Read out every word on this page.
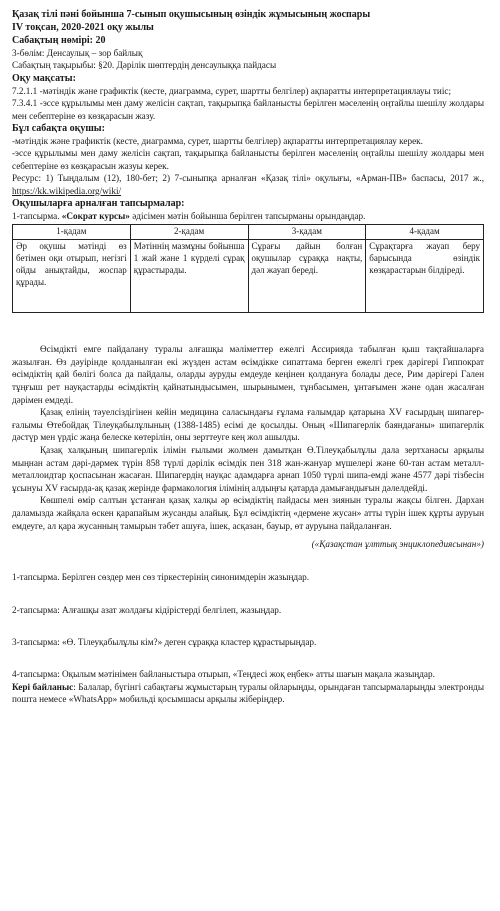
Қазақ тілі пәні бойынша 7-сынып оқушысының өзіндік жұмысының жоспары

IV тоқсан, 2020-2021 оқу жылы

Сабақтың нөмірі: 20

3-бөлім: Денсаулық – зор байлық

Сабақтың тақырыбы: §20. Дәрілік шөптердің денсаулыққа пайдасы

Оқу мақсаты:

7.2.1.1 -мәтіндік және графиктік (кесте, диаграмма, сурет, шартты белгілер) ақпаратты интерпретациялауы тиіс;

7.3.4.1 -эссе құрылымы мен даму желісін сақтап, тақырыпқа байланысты берілген мәселенің оңтайлы шешілу жолдары мен себептеріне өз көзқарасын жазу.

Бұл сабақта оқушы:

-мәтіндік және графиктік (кесте, диаграмма, сурет, шартты белгілер) ақпаратты интерпретациялау керек.

-эссе құрылымы мен даму желісін сақтап, тақырыпқа байланысты берілген мәселенің оңтайлы шешілу жолдары мен себептеріне өз көзқарасын жазуы керек.

Ресурс: 1) Тыңдалым (12), 180-бет; 2) 7-сыныпқа арналған «Қазақ тілі» оқулығы, «Арман-ПВ» баспасы, 2017 ж., https://kk.wikipedia.org/wiki/

Оқушыларға арналған тапсырмалар:

1-тапсырма. «Сократ курсы» әдісімен мәтін бойынша берілген тапсырманы орындаңдар.

1-қадам	2-қадам	3-қадам	4-қадам
Әр оқушы мәтінді өз бетімен оқи отырып, негізгі ойды анықтайды, жоспар құрады.	Мәтіннің мазмұны бойынша 1 жай және 1 күрделі сұрақ құрастырады.	Сұрағы дайын болған оқушылар сұраққа нақты, дәл жауап береді.	Сұрақтарға жауап беру барысында өзіндік көзқарастарын білдіреді.

Өсімдікті емге пайдалану туралы алғашқы мәліметтер ежелгі Ассирияда табылған қыш тақтайшаларға жазылған. Өз дәуірінде қолданылған екі жүзден астам өсімдікке сипаттама берген ежелгі грек дәрігері Гиппократ өсімдіктің қай бөлігі болса да пайдалы, оларды ауруды емдеуде кеңінен қолдануға болады десе, Рим дәрігері Гален тұңғыш рет науқастарды өсімдіктің қайнатындысымен, шырынымен, тұнбасымен, ұнтағымен және одан жасалған дәрімен емдеді.

Қазақ елінің тәуелсіздігінен кейін медицина саласындағы ғұлама ғалымдар қатарына XV ғасырдың шипагер-ғалымы Өтебойдақ Тілеуқабылұлының (1388-1485) есімі де қосылды. Оның «Шипагерлік баяндағаны» шипагерлік дәстүр мен үрдіс жаңа белеске көтерілін, оны зерттеуге кең жол ашылды.

Қазақ халқының шипагерлік ілімін ғылыми жолмен дамытқан Ө.Тілеуқабылұлы дала зертханасы арқылы мыңнан астам дәрі-дәрмек түрін 858 түрлі дәрілік өсімдік пен 318 жан-жануар мүшелері және 60-тан астам металл-металлоидтар қоспасынан жасаған. Шипагердің науқас адамдарға арнап 1050 түрлі шипа-емді және 4577 дәрі тізбесін ұсынуы XV ғасырда-ақ қазақ жерінде фармакология ілімінің алдыңғы қатарда дамығандығын дәлелдейді.

Көшпелі өмір салтын ұстанған қазақ халқы әр өсімдіктің пайдасы мен зиянын туралы жақсы білген. Дархан даламызда жайқала өскен қарапайым жусанды алайық. Бұл өсімдіктің «дермене жусан» атты түрін ішек құрты ауруын емдеуге, ал қара жусанның тамырын тәбет ашуға, ішек, асқазан, бауыр, өт ауруына пайдаланған.

(«Қазақстан ұлттық энциклопедиясынан»)

1-тапсырма. Берілген сөздер мен сөз тіркестерінің синонимдерін жазыңдар.

2-тапсырма: Алғашқы азат жолдағы кідірістерді белгілеп, жазыңдар.

3-тапсырма: «Ө. Тілеуқабылұлы кім?» деген сұраққа кластер құрастырыңдар.

4-тапсырма: Оқылым мәтінімен байланыстыра отырып, «Теңдесі жоқ еңбек» атты шағын мақала жазыңдар.

Кері байланыс: Балалар, бүгінгі сабақтағы жұмыстарың туралы ойларыңды, орындаған тапсырмаларыңды электронды пошта немесе «WhatsApp» мобильді қосымшасы арқылы жіберіңдер.
